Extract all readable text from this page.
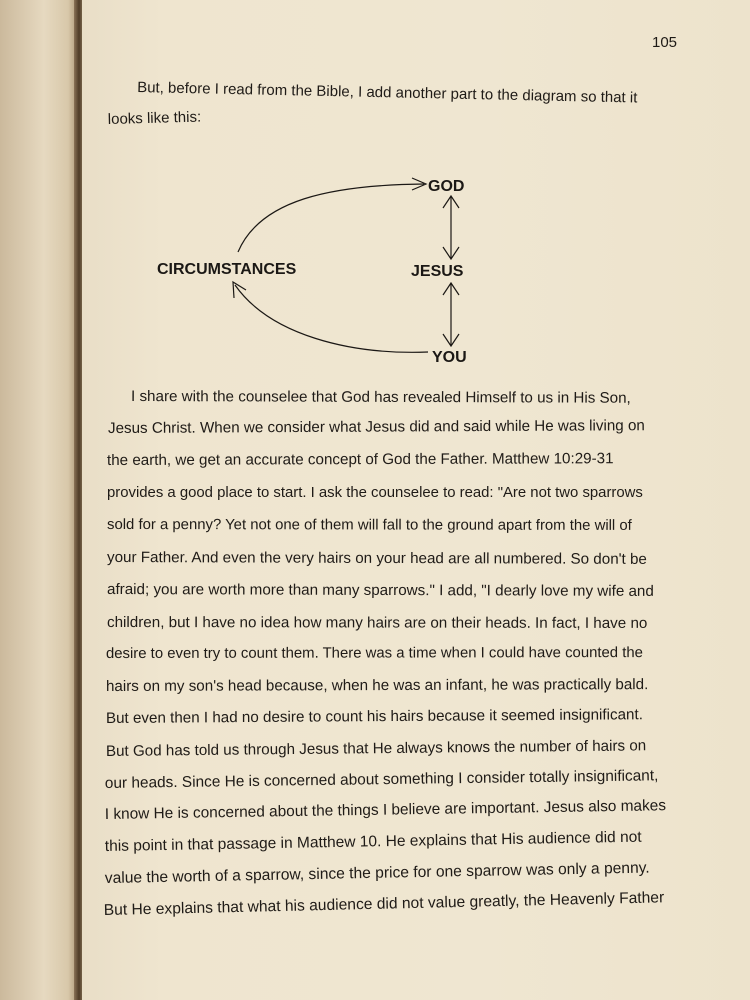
105
But, before I read from the Bible, I add another part to the diagram so that it
looks like this:
GOD
JESUS
YOU
CIRCUMSTANCES
I share with the counselee that God has revealed Himself to us in His Son,
Jesus Christ. When we consider what Jesus did and said while He was living on
the earth, we get an accurate concept of God the Father. Matthew 10:29-31
provides a good place to start. I ask the counselee to read: "Are not two sparrows
sold for a penny? Yet not one of them will fall to the ground apart from the will of
your Father. And even the very hairs on your head are all numbered. So don't be
afraid; you are worth more than many sparrows." I add, "I dearly love my wife and
children, but I have no idea how many hairs are on their heads. In fact, I have no
desire to even try to count them. There was a time when I could have counted the
hairs on my son's head because, when he was an infant, he was practically bald.
But even then I had no desire to count his hairs because it seemed insignificant.
But God has told us through Jesus that He always knows the number of hairs on
our heads. Since He is concerned about something I consider totally insignificant,
I know He is concerned about the things I believe are important. Jesus also makes
this point in that passage in Matthew 10. He explains that His audience did not
value the worth of a sparrow, since the price for one sparrow was only a penny.
But He explains that what his audience did not value greatly, the Heavenly Father
